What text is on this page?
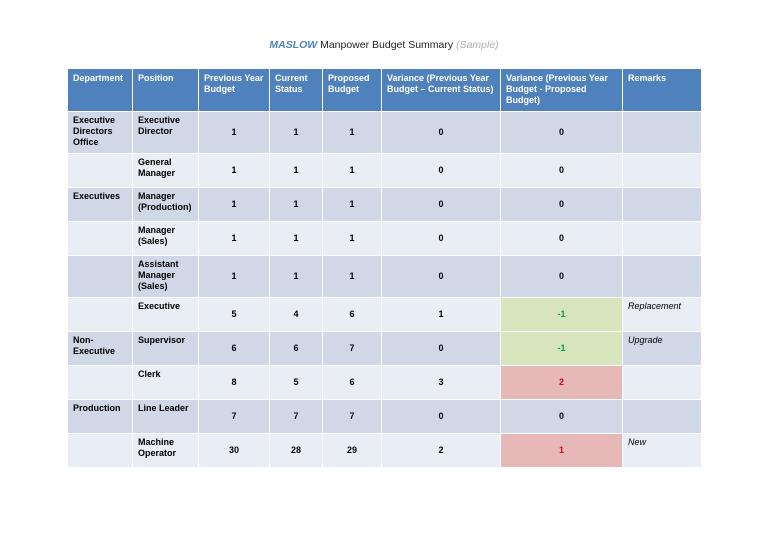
MASLOW Manpower Budget Summary (Sample)
Department	Position	Previous Year Budget	Current Status	Proposed Budget	Variance (Previous Year Budget – Current Status)	Variance (Previous Year Budget - Proposed Budget)	Remarks
Executive Directors Office	Executive Director	1	1	1	0	0	
	General Manager	1	1	1	0	0	
Executives	Manager (Production)	1	1	1	0	0	
	Manager (Sales)	1	1	1	0	0	
	Assistant Manager (Sales)	1	1	1	0	0	
	Executive	5	4	6	1	-1	Replacement
Non-Executive	Supervisor	6	6	7	0	-1	Upgrade
	Clerk	8	5	6	3	2	
Production	Line Leader	7	7	7	0	0	
	Machine Operator	30	28	29	2	1	New
